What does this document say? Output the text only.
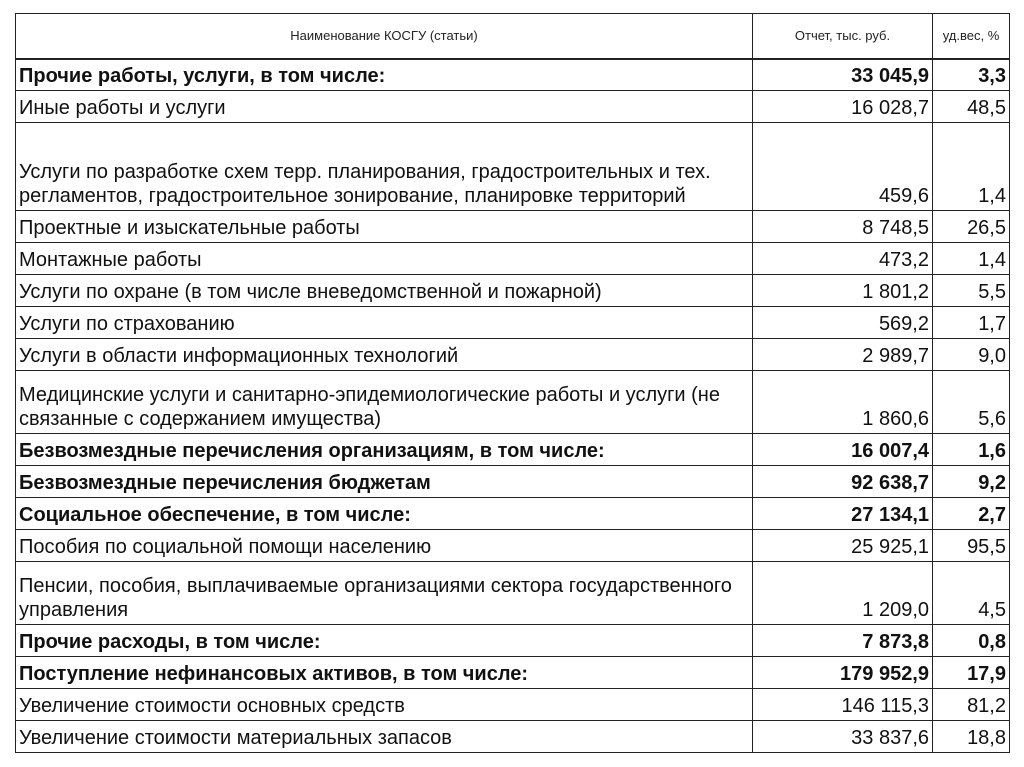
Наименование КОСГУ (статьи)	Отчет, тыс. руб.	уд.вес, %
Прочие работы, услуги, в том числе:	33 045,9	3,3
Иные работы и услуги	16 028,7	48,5
Услуги по разработке схем терр. планирования, градостроительных и тех. регламентов, градостроительное зонирование, планировке территорий	459,6	1,4
Проектные и изыскательные работы	8 748,5	26,5
Монтажные работы	473,2	1,4
Услуги по охране (в том числе вневедомственной и пожарной)	1 801,2	5,5
Услуги по страхованию	569,2	1,7
Услуги в области информационных технологий	2 989,7	9,0
Медицинские услуги и санитарно-эпидемиологические работы и услуги (не связанные с содержанием имущества)	1 860,6	5,6
Безвозмездные перечисления организациям, в том числе:	16 007,4	1,6
Безвозмездные перечисления бюджетам	92 638,7	9,2
Социальное обеспечение, в том числе:	27 134,1	2,7
Пособия по социальной помощи населению	25 925,1	95,5
Пенсии, пособия, выплачиваемые организациями сектора государственного управления	1 209,0	4,5
Прочие расходы, в том числе:	7 873,8	0,8
Поступление нефинансовых активов, в том числе:	179 952,9	17,9
Увеличение стоимости основных средств	146 115,3	81,2
Увеличение стоимости материальных запасов	33 837,6	18,8
